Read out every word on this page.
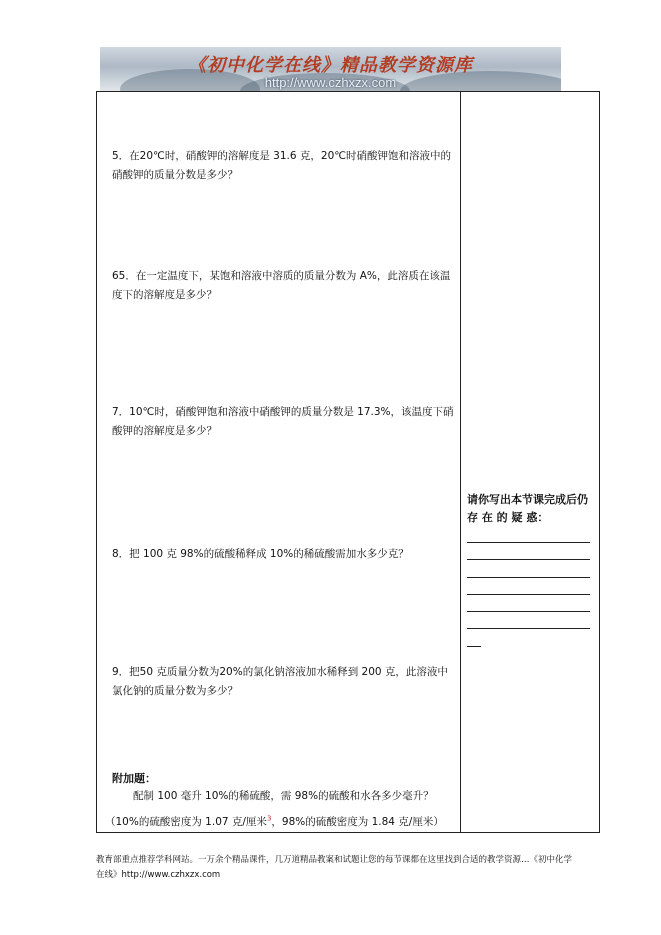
《初中化学在线》精品教学资源库
http://www.czhxzx.com
5．在20℃时，硝酸钾的溶解度是 31.6 克，20℃时硝酸钾饱和溶液中的硝酸钾的质量分数是多少？
65．在一定温度下，某饱和溶液中溶质的质量分数为 A%，此溶质在该温度下的溶解度是多少？
7．10℃时，硝酸钾饱和溶液中硝酸钾的质量分数是 17.3%，该温度下硝酸钾的溶解度是多少？
8．把 100 克 98%的硫酸稀释成 10%的稀硫酸需加水多少克？
9．把50 克质量分数为20%的氯化钠溶液加水稀释到 200 克，此溶液中氯化钠的质量分数为多少？
请你写出本节课完成后仍 存 在 的 疑 惑：
附加题：
配制 100 毫升 10%的稀硫酸，需 98%的硫酸和水各多少毫升？
（10%的硫酸密度为 1.07 克/厘米$^3$，98%的硫酸密度为 1.84 克/厘米）
教育部重点推荐学科网站。一万余个精品课件，几万道精品教案和试题让您的每节课都在这里找到合适的教学资源…《初中化学在线》http://www.czhxzx.com
